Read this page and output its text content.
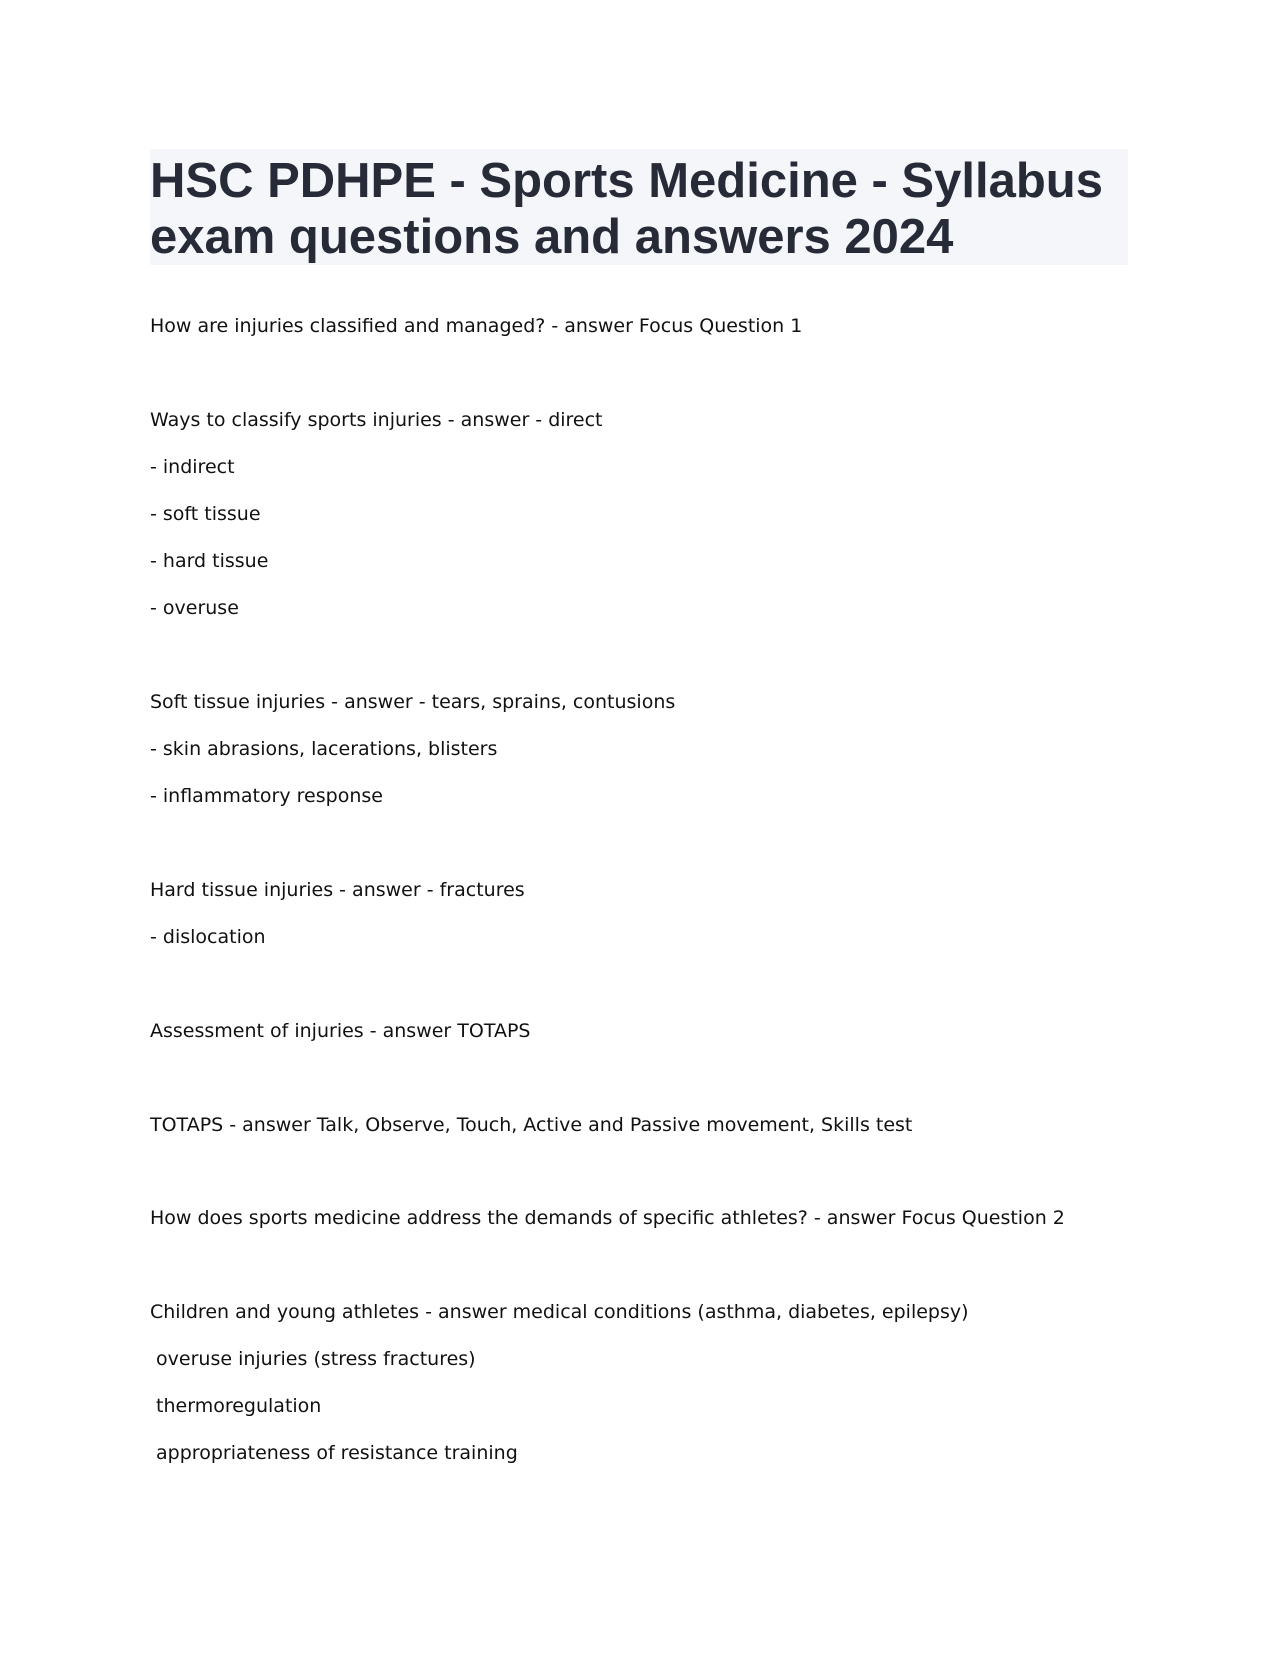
HSC PDHPE - Sports Medicine - Syllabus
exam questions and answers 2024

How are injuries classified and managed? - answer Focus Question 1

Ways to classify sports injuries - answer - direct

- indirect

- soft tissue

- hard tissue

- overuse

Soft tissue injuries - answer - tears, sprains, contusions

- skin abrasions, lacerations, blisters

- inflammatory response

Hard tissue injuries - answer - fractures

- dislocation

Assessment of injuries - answer TOTAPS

TOTAPS - answer Talk, Observe, Touch, Active and Passive movement, Skills test

How does sports medicine address the demands of specific athletes? - answer Focus Question 2

Children and young athletes - answer medical conditions (asthma, diabetes, epilepsy)

overuse injuries (stress fractures)

thermoregulation

appropriateness of resistance training
